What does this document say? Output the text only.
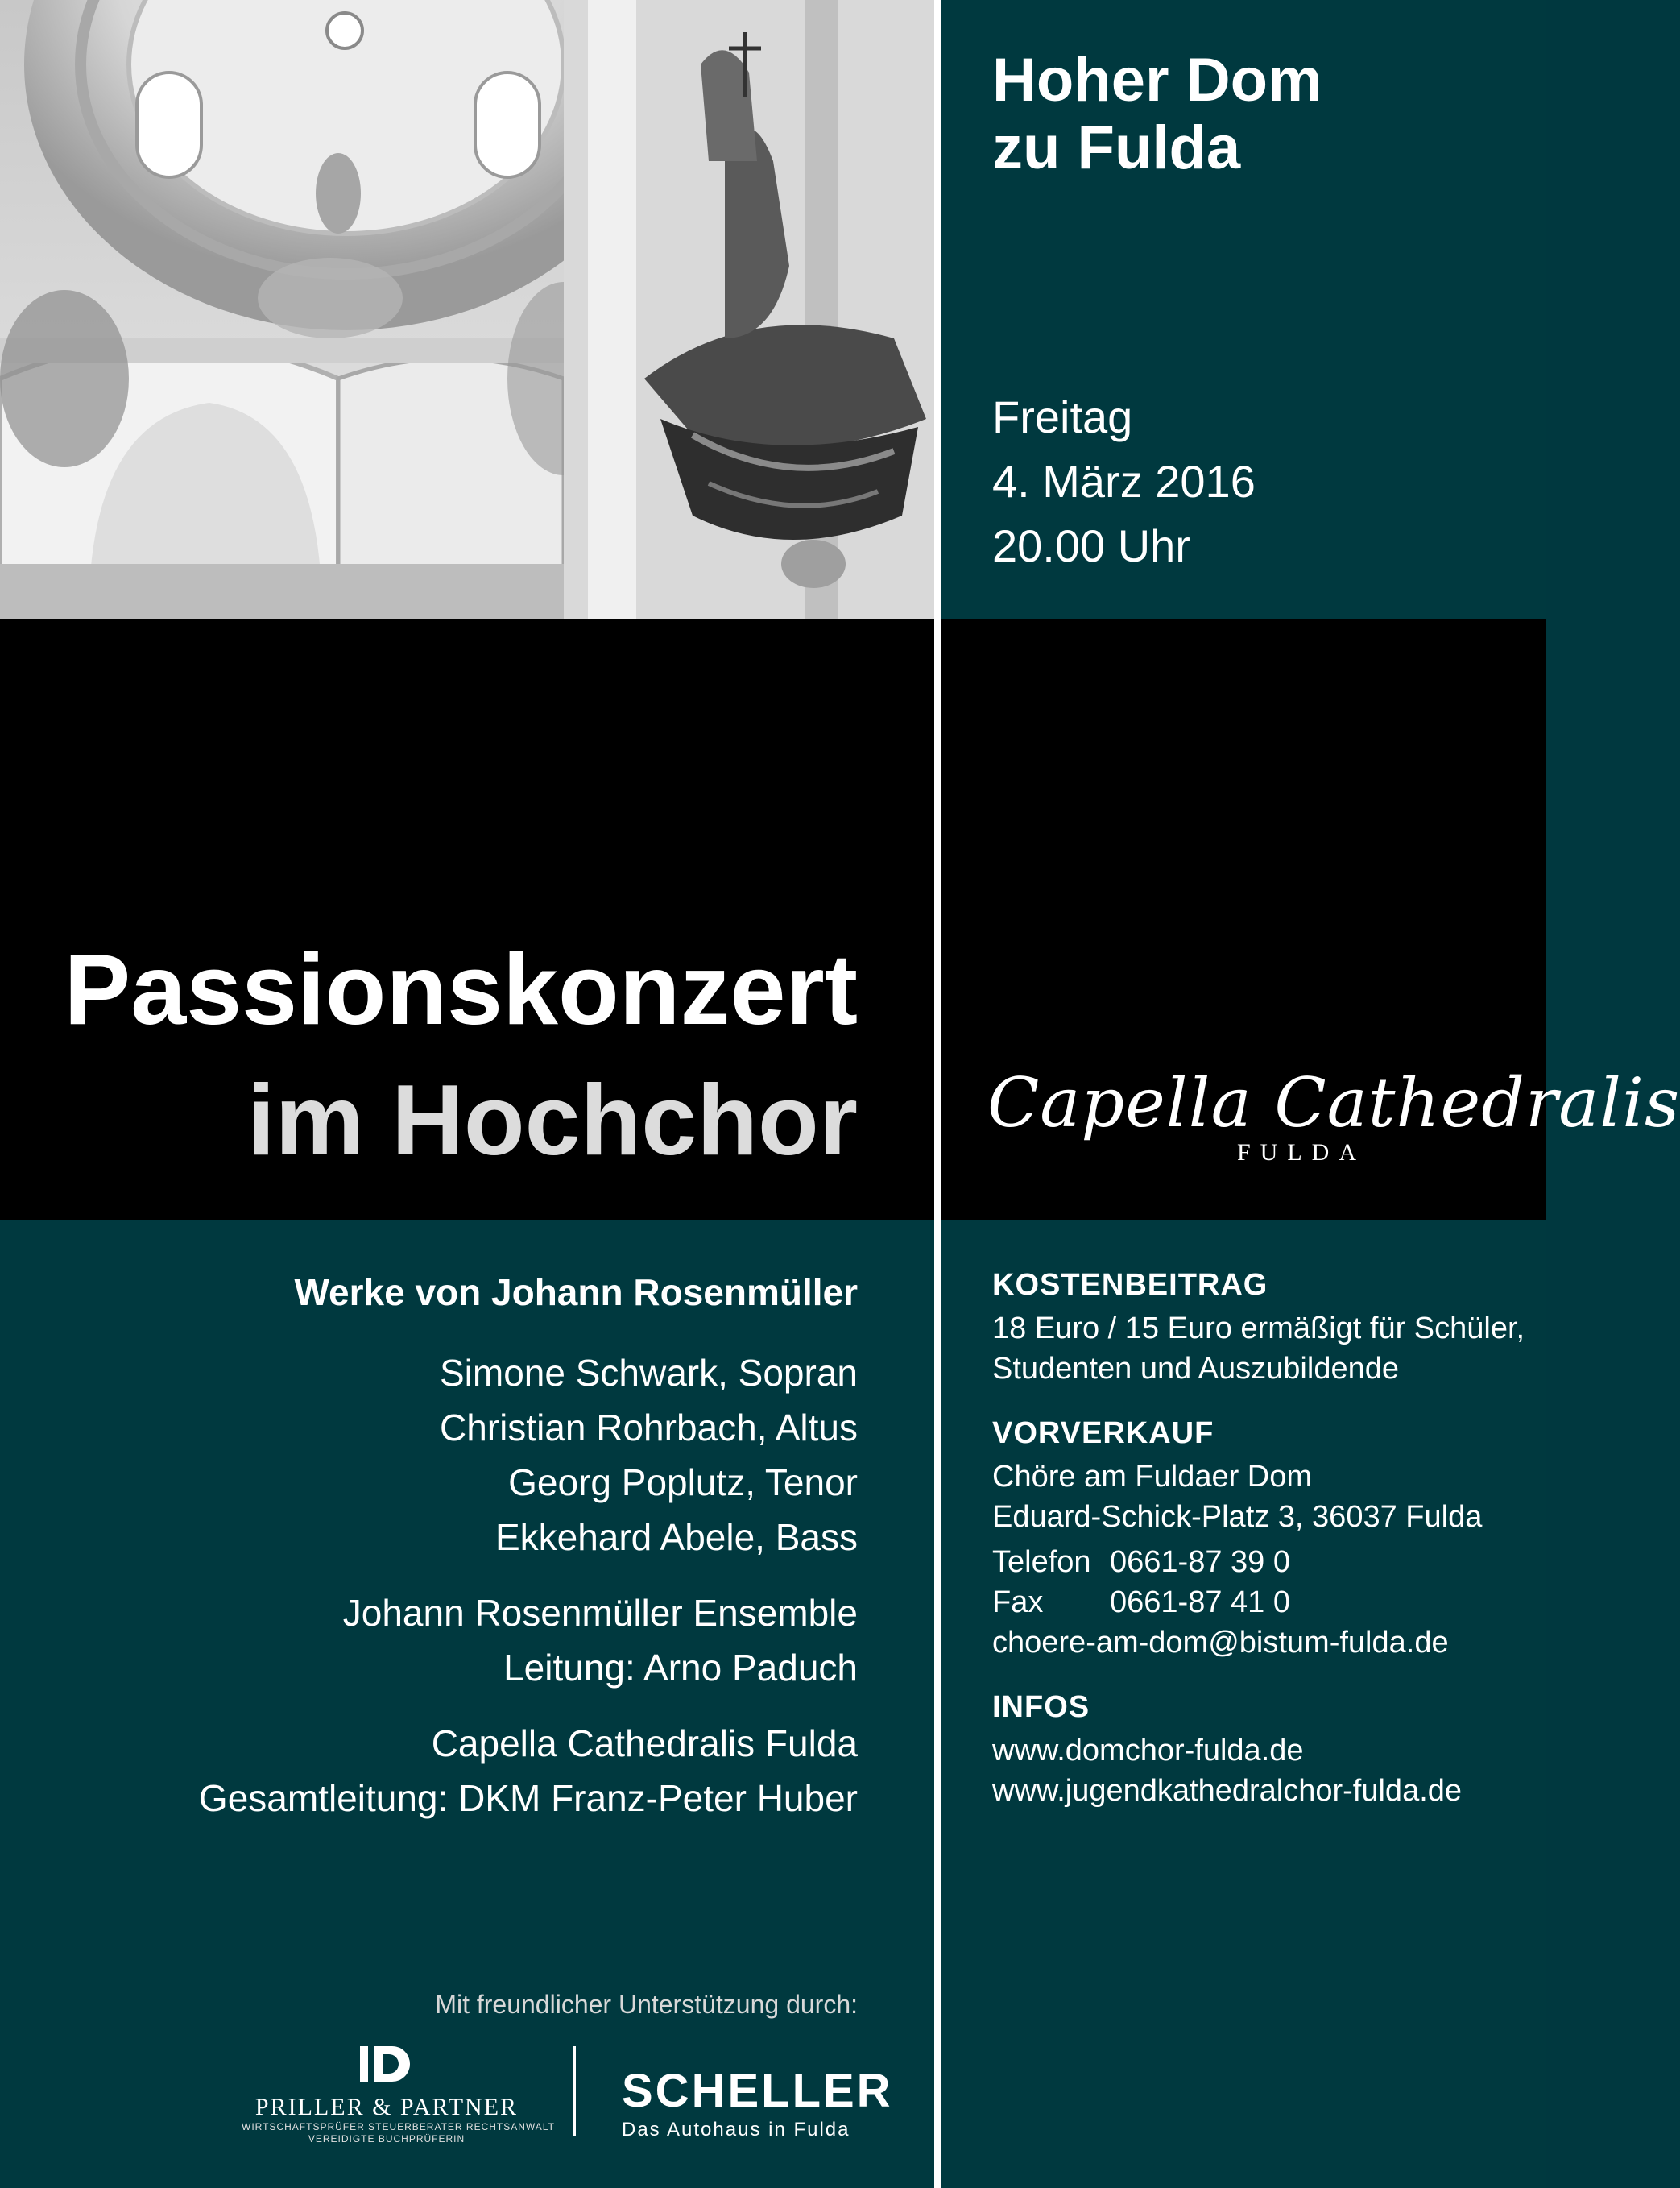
Hoher Dom
zu Fulda
Freitag
4. März 2016
20.00 Uhr
Passionskonzert
im Hochchor Capella Cathedralis
FULDA
Werke von Johann Rosenmüller
Simone Schwark, Sopran
Christian Rohrbach, Altus
Georg Poplutz, Tenor
Ekkehard Abele, Bass
Johann Rosenmüller Ensemble
Leitung: Arno Paduch
Capella Cathedralis Fulda
Gesamtleitung: DKM Franz-Peter Huber
Mit freundlicher Unterstützung durch:
PRILLER & PARTNER
WIRTSCHAFTSPRÜFER STEUERBERATER RECHTSANWALT
VEREIDIGTE BUCHPRÜFERIN
SCHELLER
Das Autohaus in Fulda
KOSTENBEITRAG
18 Euro / 15 Euro ermäßigt für Schüler,
Studenten und Auszubildende
VORVERKAUF
Chöre am Fuldaer Dom
Eduard-Schick-Platz 3, 36037 Fulda
Telefon 0661-87 39 0
Fax	0661-87 41 0
choere-am-dom@bistum-fulda.de
INFOS
www.domchor-fulda.de
www.jugendkathedralchor-fulda.de
